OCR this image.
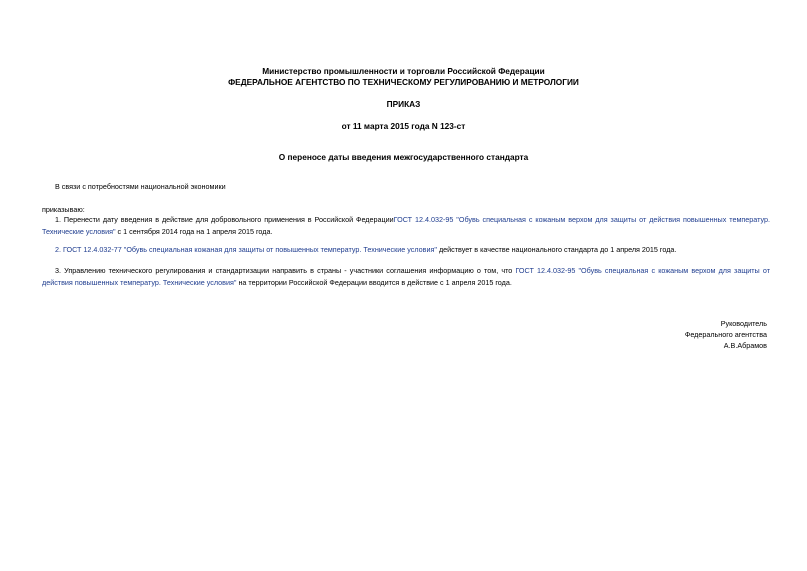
Министерство промышленности и торговли Российской Федерации
ФЕДЕРАЛЬНОЕ АГЕНТСТВО ПО ТЕХНИЧЕСКОМУ РЕГУЛИРОВАНИЮ И МЕТРОЛОГИИ
ПРИКАЗ
от 11 марта 2015 года N 123-ст
О переносе даты введения межгосударственного стандарта
В связи с потребностями национальной экономики
приказываю:
1. Перенести дату введения в действие для добровольного применения в Российской ФедерацииГОСТ 12.4.032-95 "Обувь специальная с кожаным верхом для защиты от действия повышенных температур. Технические условия" с 1 сентября 2014 года на 1 апреля 2015 года.
2. ГОСТ 12.4.032-77 "Обувь специальная кожаная для защиты от повышенных температур. Технические условия" действует в качестве национального стандарта до 1 апреля 2015 года.
3. Управлению технического регулирования и стандартизации направить в страны - участники соглашения информацию о том, что ГОСТ 12.4.032-95 "Обувь специальная с кожаным верхом для защиты от действия повышенных температур. Технические условия" на территории Российской Федерации вводится в действие с 1 апреля 2015 года.
Руководитель
Федерального агентства
А.В.Абрамов
